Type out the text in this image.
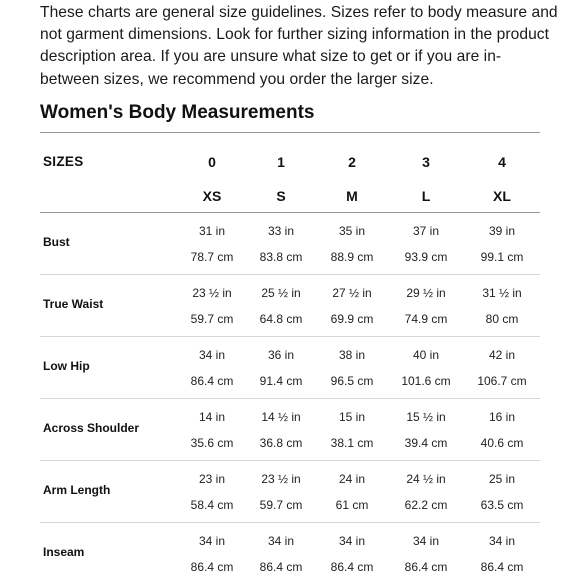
These charts are general size guidelines. Sizes refer to body measure and not garment dimensions. Look for further sizing information in the product description area. If you are unsure what size to get or if you are in-between sizes, we recommend you order the larger size.

Women's Body Measurements
SIZES	0	1	2	3	4
XS	S	M	L	XL
Bust
31 in	33 in	35 in	37 in	39 in
78.7 cm	83.8 cm	88.9 cm	93.9 cm	99.1 cm
True Waist
23 ½ in	25 ½ in	27 ½ in	29 ½ in	31 ½ in
59.7 cm	64.8 cm	69.9 cm	74.9 cm	80 cm
Low Hip
34 in	36 in	38 in	40 in	42 in
86.4 cm	91.4 cm	96.5 cm	101.6 cm	106.7 cm
Across Shoulder
14 in	14 ½ in	15 in	15 ½ in	16 in
35.6 cm	36.8 cm	38.1 cm	39.4 cm	40.6 cm
Arm Length
23 in	23 ½ in	24 in	24 ½ in	25 in
58.4 cm	59.7 cm	61 cm	62.2 cm	63.5 cm
Inseam
34 in	34 in	34 in	34 in	34 in
86.4 cm	86.4 cm	86.4 cm	86.4 cm	86.4 cm
